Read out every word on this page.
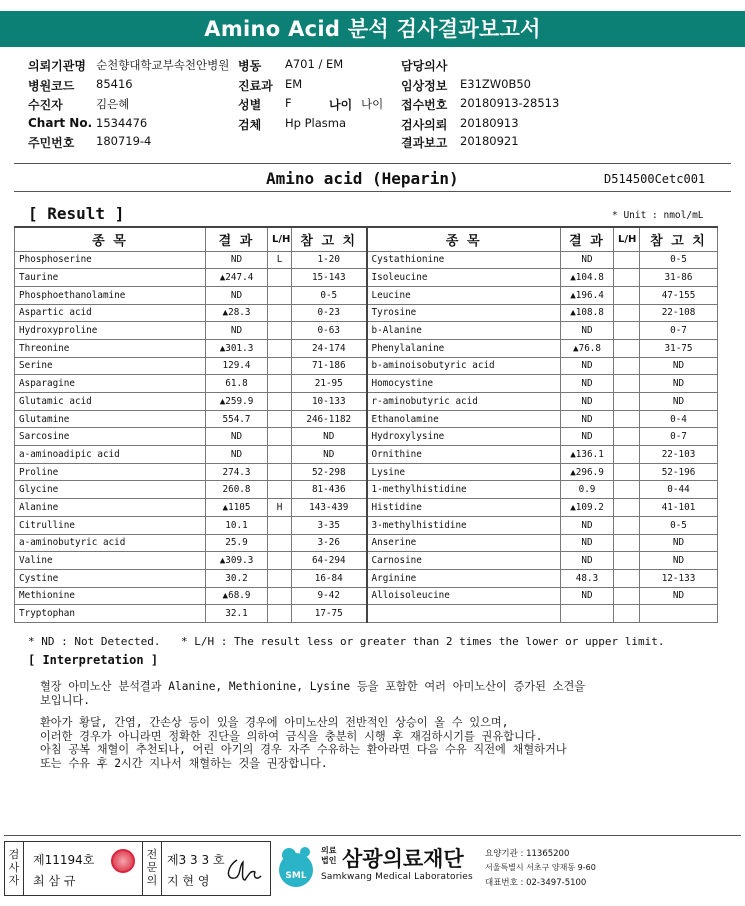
Amino Acid 분석 검사결과보고서
의뢰기관명 순천향대학교부속천안병원 병동 A701 / EM	담당의사
병원코드 85416	진료과 EM	임상정보 E31ZW0B50
수진자	김은혜	성별 F	나이 나이 접수번호 20180913-28513
Chart No. 1534476	검체 Hp Plasma	검사의뢰 20180913
주민번호 180719-4	결과보고 20180921
Amino acid (Heparin)	D514500Cetc001
[ Result ]	* Unit : nmol/mL
종 목	결 과	L/H	참 고 치	종 목	결 과	L/H	참 고 치
Phosphoserine	ND	L	1-20	Cystathionine	ND		0-5
Taurine	▲247.4		15-143	Isoleucine	▲104.8		31-86
Phosphoethanolamine	ND		0-5	Leucine	▲196.4		47-155
Aspartic acid	▲28.3		0-23	Tyrosine	▲108.8		22-108
Hydroxyproline	ND		0-63	b-Alanine	ND		0-7
Threonine	▲301.3		24-174	Phenylalanine	▲76.8		31-75
Serine	129.4		71-186	b-aminoisobutyric acid	ND		ND
Asparagine	61.8		21-95	Homocystine	ND		ND
Glutamic acid	▲259.9		10-133	r-aminobutyric acid	ND		ND
Glutamine	554.7		246-1182	Ethanolamine	ND		0-4
Sarcosine	ND		ND	Hydroxylysine	ND		0-7
a-aminoadipic acid	ND		ND	Ornithine	▲136.1		22-103
Proline	274.3		52-298	Lysine	▲296.9		52-196
Glycine	260.8		81-436	1-methylhistidine	0.9		0-44
Alanine	▲1105	H	143-439	Histidine	▲109.2		41-101
Citrulline	10.1		3-35	3-methylhistidine	ND		0-5
a-aminobutyric acid	25.9		3-26	Anserine	ND		ND
Valine	▲309.3		64-294	Carnosine	ND		ND
Cystine	30.2		16-84	Arginine	48.3		12-133
Methionine	▲68.9		9-42	Alloisoleucine	ND		ND
Tryptophan	32.1		17-75				
* ND : Not Detected. * L/H : The result less or greater than 2 times the lower or upper limit.
[ Interpretation ]
혈장 아미노산 분석결과 Alanine, Methionine, Lysine 등을 포함한 여러 아미노산이 증가된 소견을
보입니다.
환아가 황달, 간염, 간손상 등이 있을 경우에 아미노산의 전반적인 상승이 올 수 있으며,
이러한 경우가 아니라면 정확한 진단을 의하여 금식을 충분히 시행 후 재검하시기를 권유합니다.
아침 공복 채혈이 추천되나, 어린 아기의 경우 자주 수유하는 환아라면 다음 수유 직전에 채혈하거나
또는 수유 후 2시간 지나서 채혈하는 것을 권장합니다.
검사자
제11194호
최 삼 규
전문의
제3 3 3 호
지 현 영	SML
의료
법인 삼광의료재단
Samkwang Medical Laboratories
요양기관 : 11365200
서울특별시 서초구 양재동 9-60
대표번호 : 02-3497-5100
